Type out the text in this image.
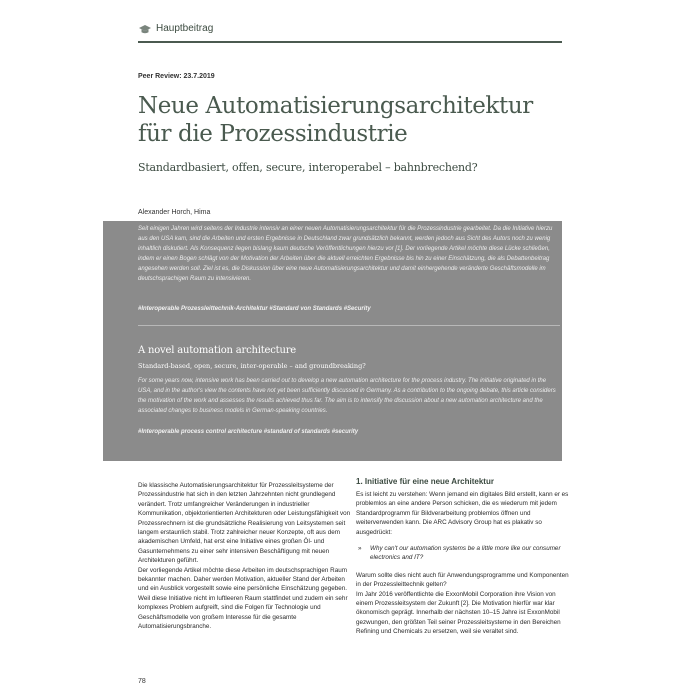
Hauptbeitrag
Peer Review: 23.7.2019
Neue Automatisierungsarchitektur
für die Prozessindustrie
Standardbasiert, offen, secure, interoperabel – bahnbrechend?
Alexander Horch, Hima
Seit einigen Jahren wird seitens der Industrie intensiv an einer neuen Automatisierungsarchitektur für die Prozessindustrie gearbeitet. Da die Initiative hierzu aus den USA kam, sind die Arbeiten und ersten Ergebnisse in Deutschland zwar grundsätzlich bekannt, werden jedoch aus Sicht des Autors noch zu wenig inhaltlich diskutiert. Als Konsequenz liegen bislang kaum deutsche Veröffentlichungen hierzu vor [1]. Der vorliegende Artikel möchte diese Lücke schließen, indem er einen Bogen schlägt von der Motivation der Arbeiten über die aktuell erreichten Ergebnisse bis hin zu einer Einschätzung, die als Debattenbeitrag angesehen werden soll. Ziel ist es, die Diskussion über eine neue Automatisierungsarchitektur und damit einhergehende veränderte Geschäftsmodelle im deutschsprachigen Raum zu intensivieren.
#Interoperable Prozessleittechnik-Architektur #Standard von Standards #Security
A novel automation architecture
Standard-based, open, secure, inter-operable – and groundbreaking?
For some years now, intensive work has been carried out to develop a new automation architecture for the process industry. The initiative originated in the USA, and in the author's view the contents have not yet been sufficiently discussed in Germany. As a contribution to the ongoing debate, this article considers the motivation of the work and assesses the results achieved thus far. The aim is to intensify the discussion about a new automation architecture and the associated changes to business models in German-speaking countries.
#Interoperable process control architecture #standard of standards #security

Die klassische Automatisierungsarchitektur für Prozessleitsysteme der Prozessindustrie hat sich in den letzten Jahrzehnten nicht grundlegend verändert. Trotz umfangreicher Veränderungen in industrieller Kommunikation, objektorientierten Architekturen oder Leistungsfähigkeit von Prozessrechnern ist die grundsätzliche Realisierung von Leitsystemen seit langem erstaunlich stabil. Trotz zahlreicher neuer Konzepte, oft aus dem akademischen Umfeld, hat erst eine Initiative eines großen Öl- und Gasunternehmens zu einer sehr intensiven Beschäftigung mit neuen Architekturen geführt.

Der vorliegende Artikel möchte diese Arbeiten im deutschsprachigen Raum bekannter machen. Daher werden Motivation, aktueller Stand der Arbeiten und ein Ausblick vorgestellt sowie eine persönliche Einschätzung gegeben. Weil diese Initiative nicht im luftleeren Raum stattfindet und zudem ein sehr komplexes Problem aufgreift, sind die Folgen für Technologie und Geschäftsmodelle von großem Interesse für die gesamte Automatisierungsbranche.

1. Initiative für eine neue Architektur

Es ist leicht zu verstehen: Wenn jemand ein digitales Bild erstellt, kann er es problemlos an eine andere Person schicken, die es wiederum mit jedem Standardprogramm für Bildverarbeitung problemlos öffnen und weiterverwenden kann. Die ARC Advisory Group hat es plakativ so ausgedrückt:

» Why can't our automation systems be a little more like our consumer electronics and IT?

Warum sollte dies nicht auch für Anwendungsprogramme und Komponenten in der Prozessleittechnik gelten?

Im Jahr 2016 veröffentlichte die ExxonMobil Corporation ihre Vision von einem Prozessleitsystem der Zukunft [2]. Die Motivation hierfür war klar ökonomisch geprägt. Innerhalb der nächsten 10–15 Jahre ist ExxonMobil gezwungen, den größten Teil seiner Prozessleitsysteme in den Bereichen Refining und Chemicals zu ersetzen, weil sie veraltet sind.

78
